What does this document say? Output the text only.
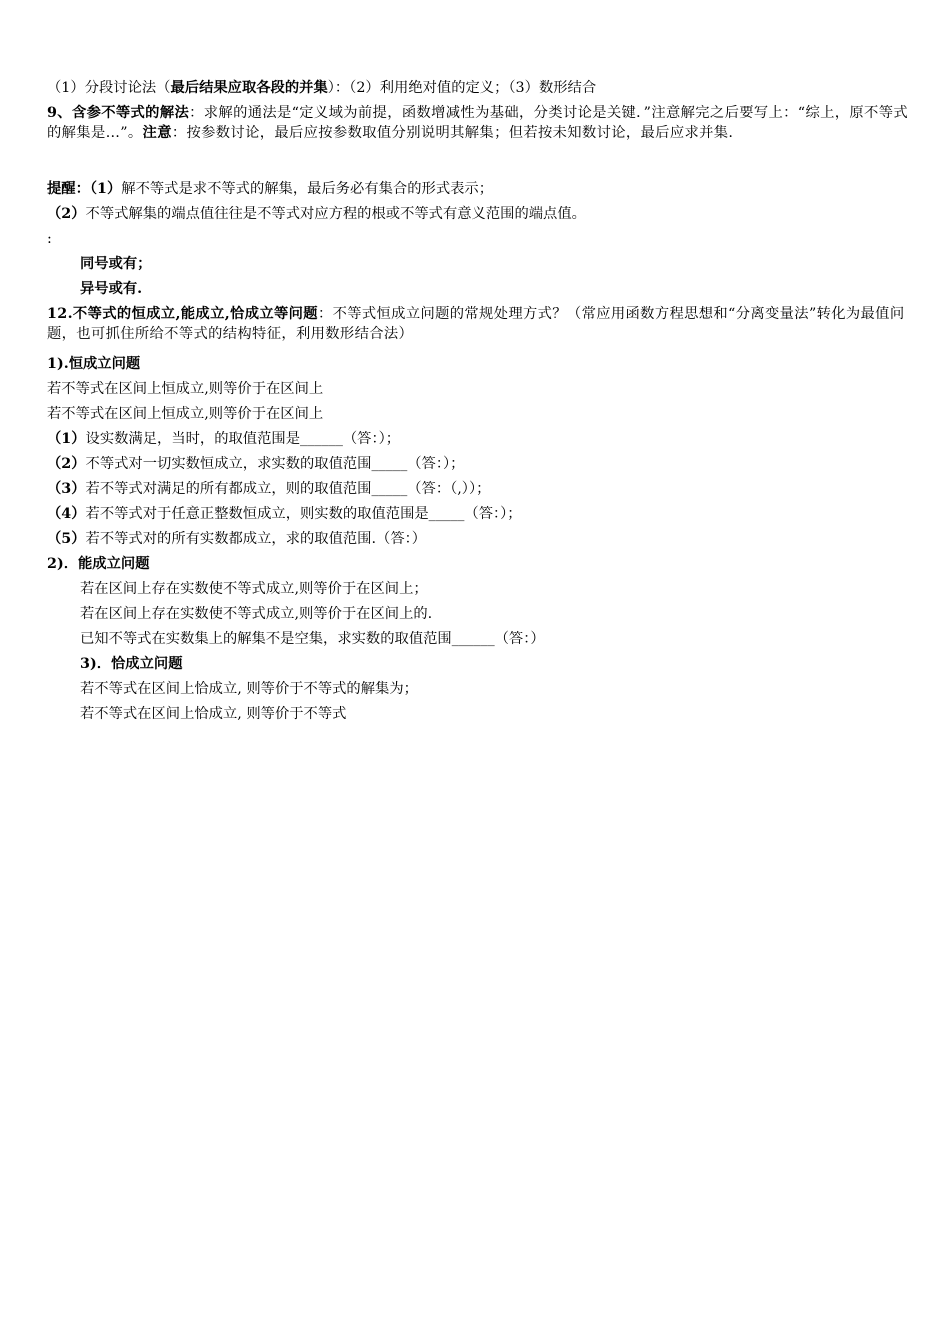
（1）分段讨论法（最后结果应取各段的并集）：（2）利用绝对值的定义；（3）数形结合
9、含参不等式的解法：求解的通法是“定义域为前提，函数增减性为基础，分类讨论是关键．”注意解完之后要写上：“综上，原不等式的解集是…”。注意：按参数讨论，最后应按参数取值分别说明其解集；但若按未知数讨论，最后应求并集.
提醒：（1）解不等式是求不等式的解集，最后务必有集合的形式表示；
（2）不等式解集的端点值往往是不等式对应方程的根或不等式有意义范围的端点值。
:
同号或有；
异号或有.
12.不等式的恒成立,能成立,恰成立等问题：不等式恒成立问题的常规处理方式？（常应用函数方程思想和“分离变量法”转化为最值问题，也可抓住所给不等式的结构特征，利用数形结合法）
1).恒成立问题
若不等式在区间上恒成立,则等价于在区间上
若不等式在区间上恒成立,则等价于在区间上
（1）设实数满足，当时，的取值范围是______（答：）；
（2）不等式对一切实数恒成立，求实数的取值范围_____（答：）；
（3）若不等式对满足的所有都成立，则的取值范围_____（答：（,））；
（4）若不等式对于任意正整数恒成立，则实数的取值范围是_____（答：）；
（5）若不等式对的所有实数都成立，求的取值范围.（答：）
2)．能成立问题
若在区间上存在实数使不等式成立,则等价于在区间上；
若在区间上存在实数使不等式成立,则等价于在区间上的.
已知不等式在实数集上的解集不是空集，求实数的取值范围______（答：）
3)．恰成立问题
若不等式在区间上恰成立, 则等价于不等式的解集为；
若不等式在区间上恰成立, 则等价于不等式
